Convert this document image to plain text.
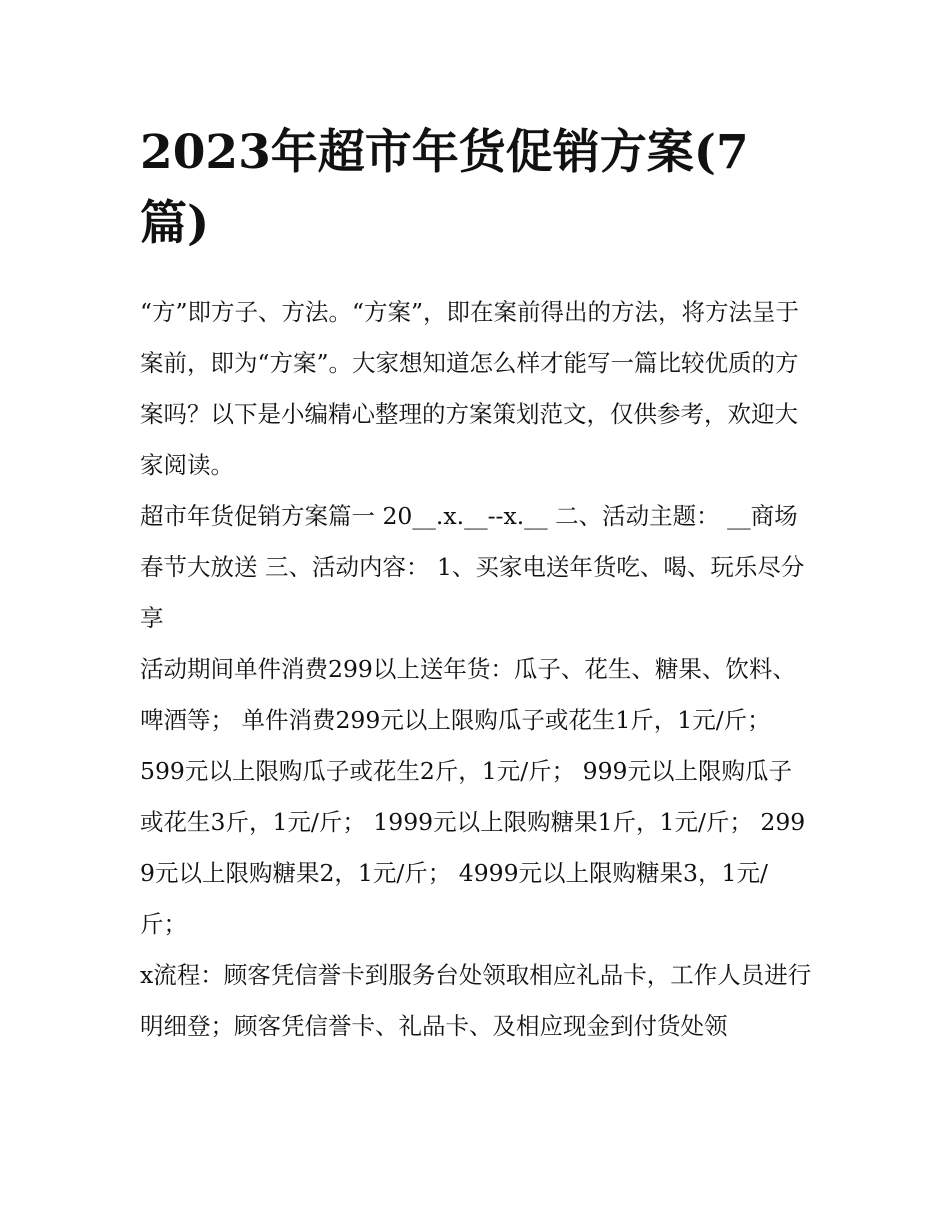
2023年超市年货促销方案(7篇)

“方”即方子、方法。“方案”，即在案前得出的方法，将方法呈于案前，即为“方案”。大家想知道怎么样才能写一篇比较优质的方案吗？以下是小编精心整理的方案策划范文，仅供参考，欢迎大家阅读。

超市年货促销方案篇一 20__.x.__--x.__ 二、活动主题： __商场春节大放送 三、活动内容： 1、买家电送年货吃、喝、玩乐尽分享

活动期间单件消费299以上送年货：瓜子、花生、糖果、饮料、啤酒等； 单件消费299元以上限购瓜子或花生1斤，1元/斤；

599元以上限购瓜子或花生2斤，1元/斤； 999元以上限购瓜子或花生3斤，1元/斤； 1999元以上限购糖果1斤，1元/斤； 2999元以上限购糖果2，1元/斤； 4999元以上限购糖果3，1元/斤；

x流程：顾客凭信誉卡到服务台处领取相应礼品卡，工作人员进行明细登；顾客凭信誉卡、礼品卡、及相应现金到付货处领
